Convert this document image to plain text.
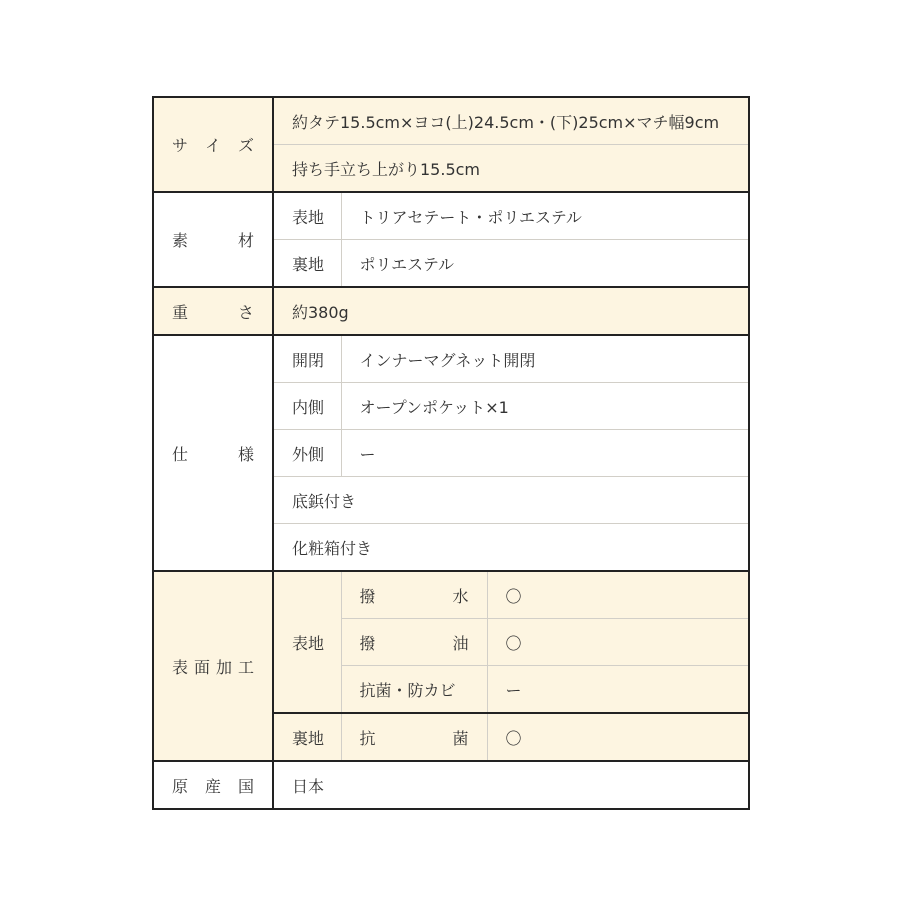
サ イ ズ	約タテ15.5cm×ヨコ(上)24.5cm・(下)25cm×マチ幅9cm		
	持ち手立ち上がり15.5cm		

素 材	表地	トリアセテート・ポリエステル	
	裏地	ポリエステル	

重 さ	約380g		

仕 様	開閉	インナーマグネット開閉	
	内側	オープンポケット×1	
	外側	ー	
	底鋲付き		
	化粧箱付き		

表 面 加 工	表地	撥 水	〇

		撥 油	〇
		抗菌・防カビ	ー
	裏地	抗 菌	〇

原 産 国	日本		
